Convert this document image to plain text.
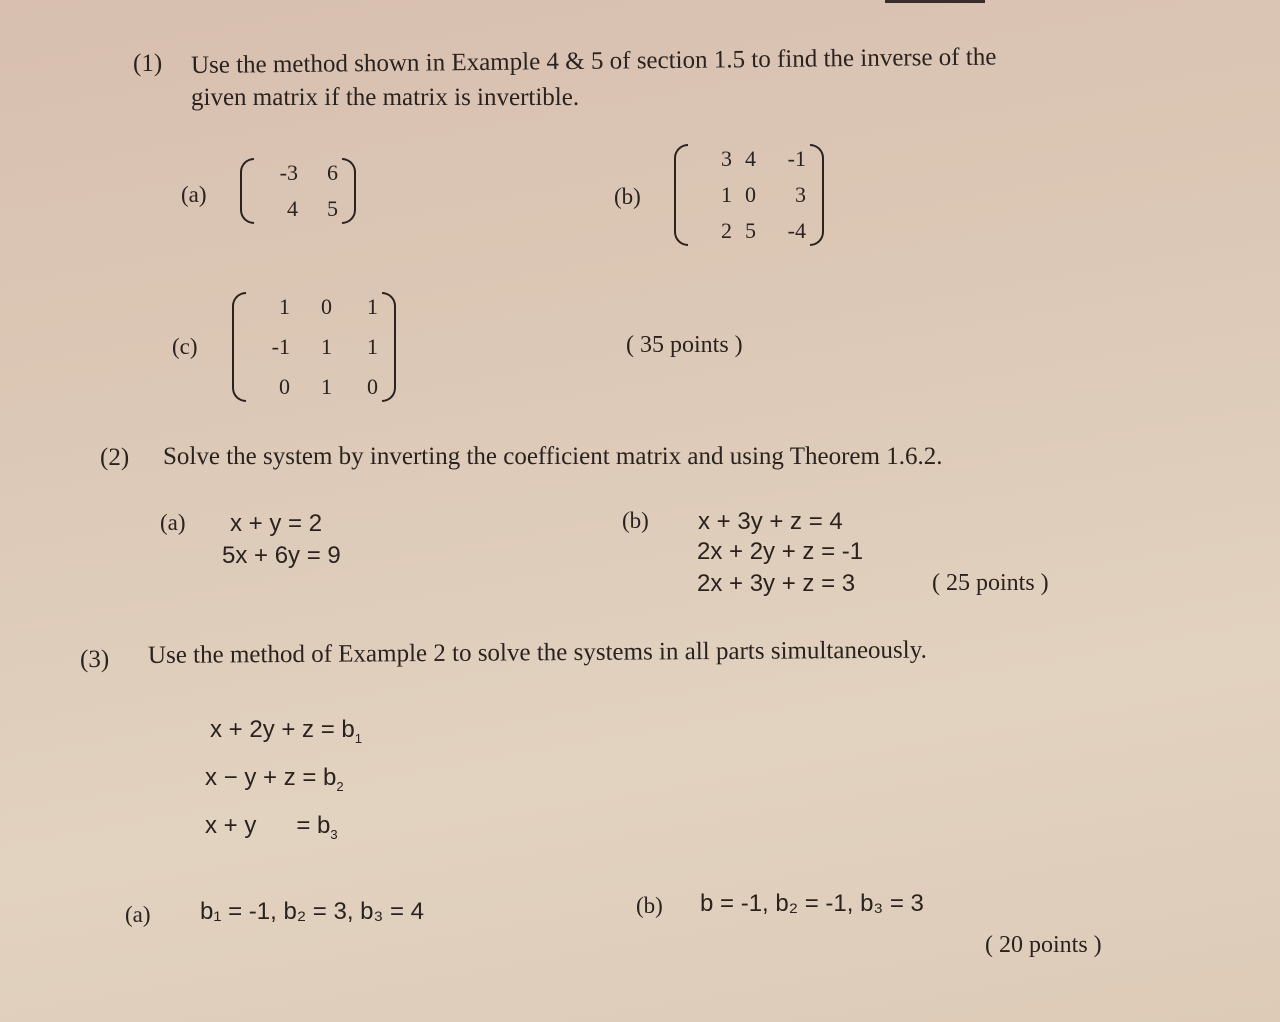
(1) Use the method shown in Example 4 & 5 of section 1.5 to find the inverse of the
given matrix if the matrix is invertible.
(a)
-3	6
4	5	(b)
3 4	-1
1 0	3
2 5	-4
(c)
1	0	1
-1	1	1
0	1	0
( 35 points )
(2) Solve the system by inverting the coefficient matrix and using Theorem 1.6.2.
(a) x + y = 2
5x + 6y = 9
(b) x + 3y + z = 4
2x + 2y + z = -1
2x + 3y + z = 3	( 25 points )
(3) Use the method of Example 2 to solve the systems in all parts simultaneously.
$x + 2y + z = b_1$
$x - y + z = b_2$
x + y      = $b_3$
(a) b₁ = -1, b₂ = 3, b₃ = 4	(b) b = -1, b₂ = -1, b₃ = 3
( 20 points )
